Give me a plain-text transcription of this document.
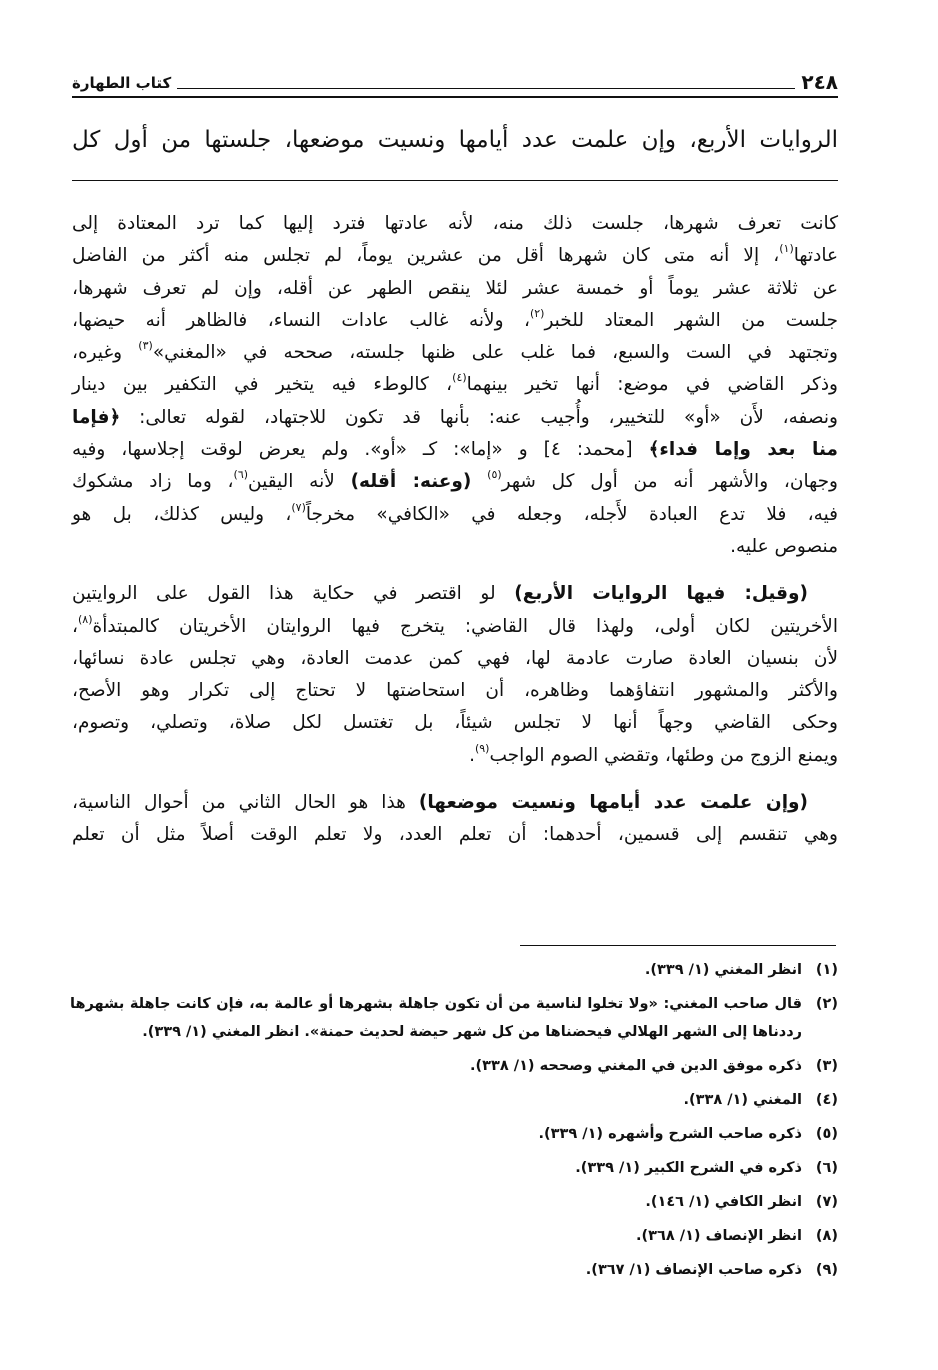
٢٤٨
كتاب الطهارة
الروايات الأربع، وإن علمت عدد أيامها ونسيت موضعها، جلستها من أول كل
كانت تعرف شهرها، جلست ذلك منه، لأنه عادتها فترد إليها كما ترد المعتادة إلى
عادتها$^{(١)}$، إلا أنه متى كان شهرها أقل من عشرين يوماً، لم تجلس منه أكثر من الفاضل
عن ثلاثة عشر يوماً أو خمسة عشر لئلا ينقص الطهر عن أقله، وإن لم تعرف شهرها،
جلست من الشهر المعتاد للخبر$^{(٢)}$، ولأنه غالب عادات النساء، فالظاهر أنه حيضها،
وتجتهد في الست والسبع، فما غلب على ظنها جلسته، صححه في «المغني»$^{(٣)}$ وغيره،
وذكر القاضي في موضع: أنها تخير بينهما$^{(٤)}$، كالوطء فيه يتخير في التكفير بين دينار
ونصفه، لأَن «أو» للتخيير، وأُجيب عنه: بأنها قد تكون للاجتهاد، لقوله تعالى: ﴿فإما
منا بعد وإما فداء﴾ [محمد: ٤] و «إما»: كـ «أو». ولم يعرض لوقت إجلاسها، وفيه
وجهان، والأشهر أنه من أول كل شهر$^{(٥)}$ (وعنه: أقله) لأنه اليقين$^{(٦)}$، وما زاد مشكوك
فيه، فلا تدع العبادة لأَجله، وجعله في «الكافي» مخرجاً$^{(٧)}$، وليس كذلك، بل هو
منصوص عليه.
(وقيل: فيها الروايات الأربع) لو اقتصر في حكاية هذا القول على الروايتين
الأخريتين لكان أولى، ولهذا قال القاضي: يتخرج فيها الروايتان الأخريتان كالمبتدأة$^{(٨)}$،
لأن بنسيان العادة صارت عادمة لها، فهي كمن عدمت العادة، وهي تجلس عادة نسائها،
والأكثر والمشهور انتفاؤهما وظاهره، أن استحاضتها لا تحتاج إلى تكرار وهو الأصح،
وحكى القاضي وجهاً أنها لا تجلس شيئاً، بل تغتسل لكل صلاة، وتصلي، وتصوم،
ويمنع الزوج من وطئها، وتقضي الصوم الواجب$^{(٩)}$.
(وإن علمت عدد أيامها ونسيت موضعها) هذا هو الحال الثاني من أحوال الناسية،
وهي تنقسم إلى قسمين، أحدهما: أن تعلم العدد، ولا تعلم الوقت أصلاً مثل أن تعلم
(١)
انظر المغني (١/ ٣٣٩).
(٢)
قال صاحب المغني: «ولا تخلوا لناسية من أن تكون جاهلة بشهرها أو عالمة به، فإن كانت جاهلة بشهرها رددناها إلى الشهر الهلالي فيحضناها من كل شهر حيضة لحديث حمنة». انظر المغني (١/ ٣٣٩).
(٣)
ذكره موفق الدين في المغني وصححه (١/ ٣٣٨).
(٤)
المغني (١/ ٣٣٨).
(٥)
ذكره صاحب الشرح وأشهره (١/ ٣٣٩).
(٦)
ذكره في الشرح الكبير (١/ ٣٣٩).
(٧)
انظر الكافي (١/ ١٤٦).
(٨)
انظر الإنصاف (١/ ٣٦٨).
(٩)
ذكره صاحب الإنصاف (١/ ٣٦٧).
